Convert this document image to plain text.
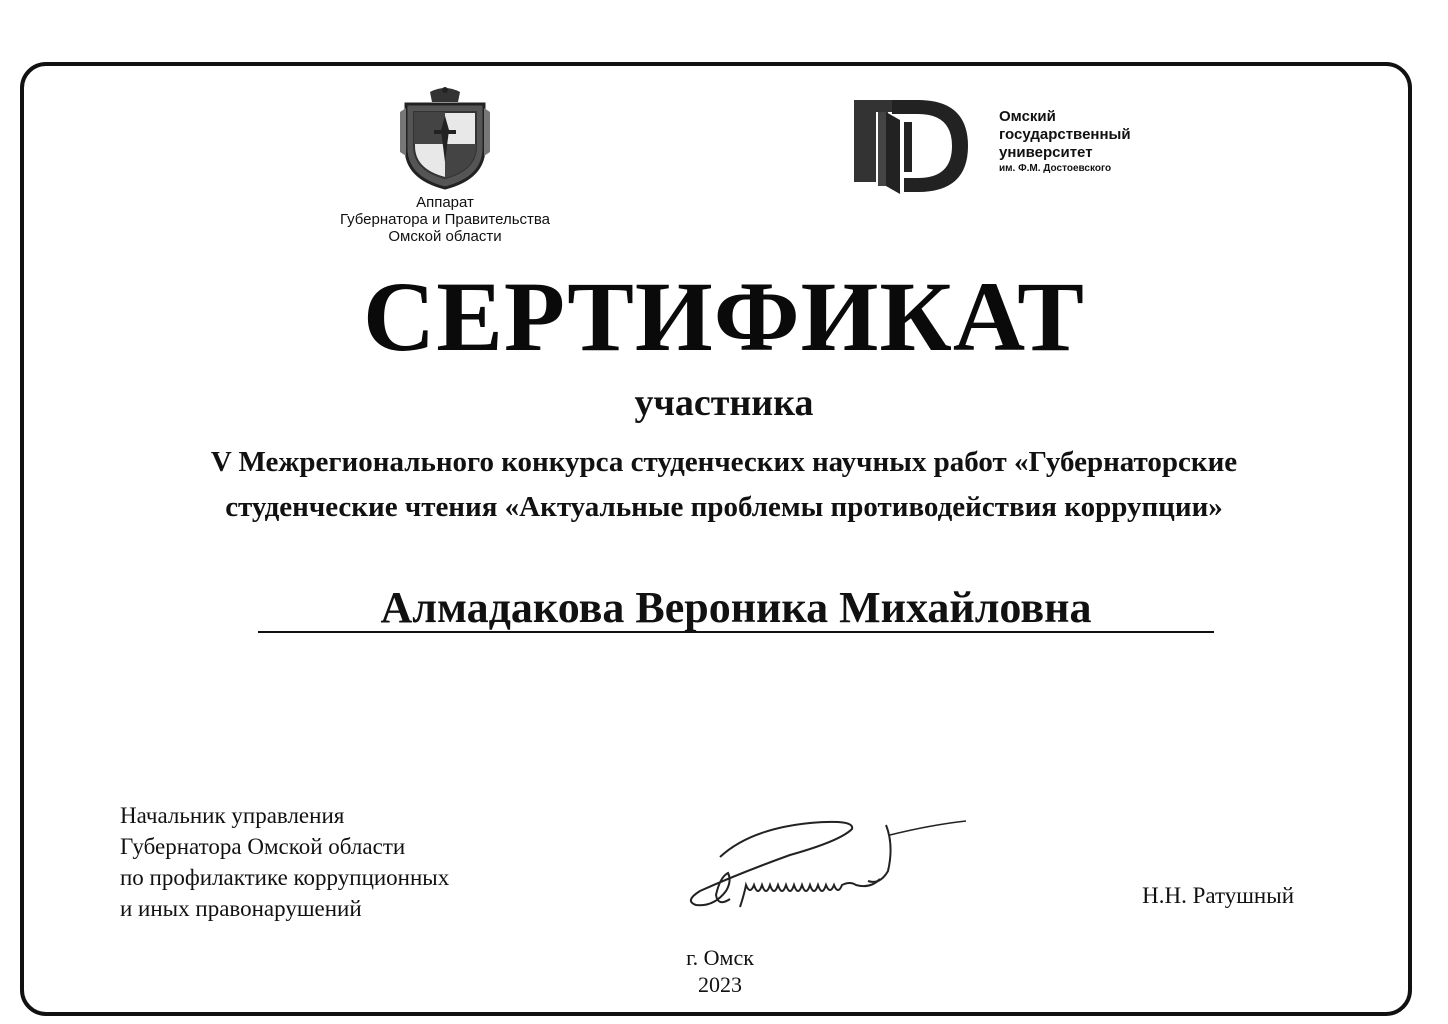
Аппарат
Губернатора и Правительства
Омской области
Омский
государственный
университет
им. Ф.М. Достоевского
СЕРТИФИКАТ
участника
V Межрегионального конкурса студенческих научных работ «Губернаторские
студенческие чтения «Актуальные проблемы противодействия коррупции»
Алмадакова Вероника Михайловна
Начальник управления
Губернатора Омской области
по профилактике коррупционных
и иных правонарушений
Н.Н. Ратушный
г. Омск
2023
